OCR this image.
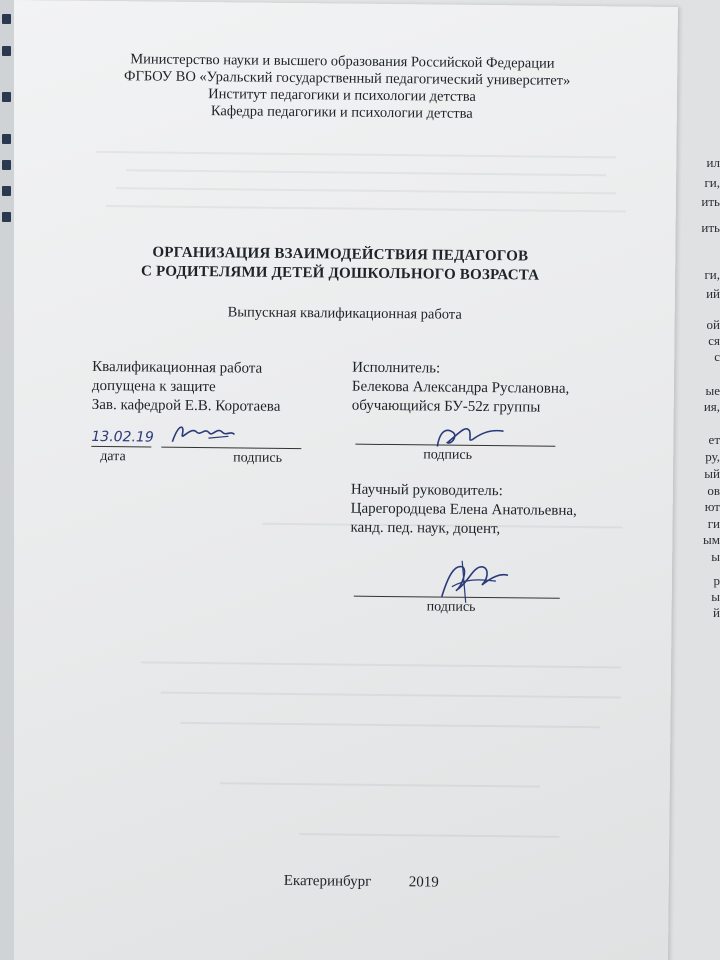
ил
ги,
ить
ить
ги,
ий
ой
ся
с
ые
ия,
ет
ру,
ый
ов
ют
ги
ым
ы
р
ы
й
Министерство науки и высшего образования Российской Федерации
ФГБОУ ВО «Уральский государственный педагогический университет»
Институт педагогики и психологии детства
Кафедра педагогики и психологии детства
ОРГАНИЗАЦИЯ ВЗАИМОДЕЙСТВИЯ ПЕДАГОГОВ
С РОДИТЕЛЯМИ ДЕТЕЙ ДОШКОЛЬНОГО ВОЗРАСТА
Выпускная квалификационная работа
Квалификационная работа
допущена к защите
Зав. кафедрой Е.В. Коротаева
13.02.19
дата	подпись
Исполнитель:
Белекова Александра Руслановна,
обучающийся БУ-52z группы
подпись
Научный руководитель:
Царегородцева Елена Анатольевна,
канд. пед. наук, доцент,
подпись
Екатеринбург 2019
